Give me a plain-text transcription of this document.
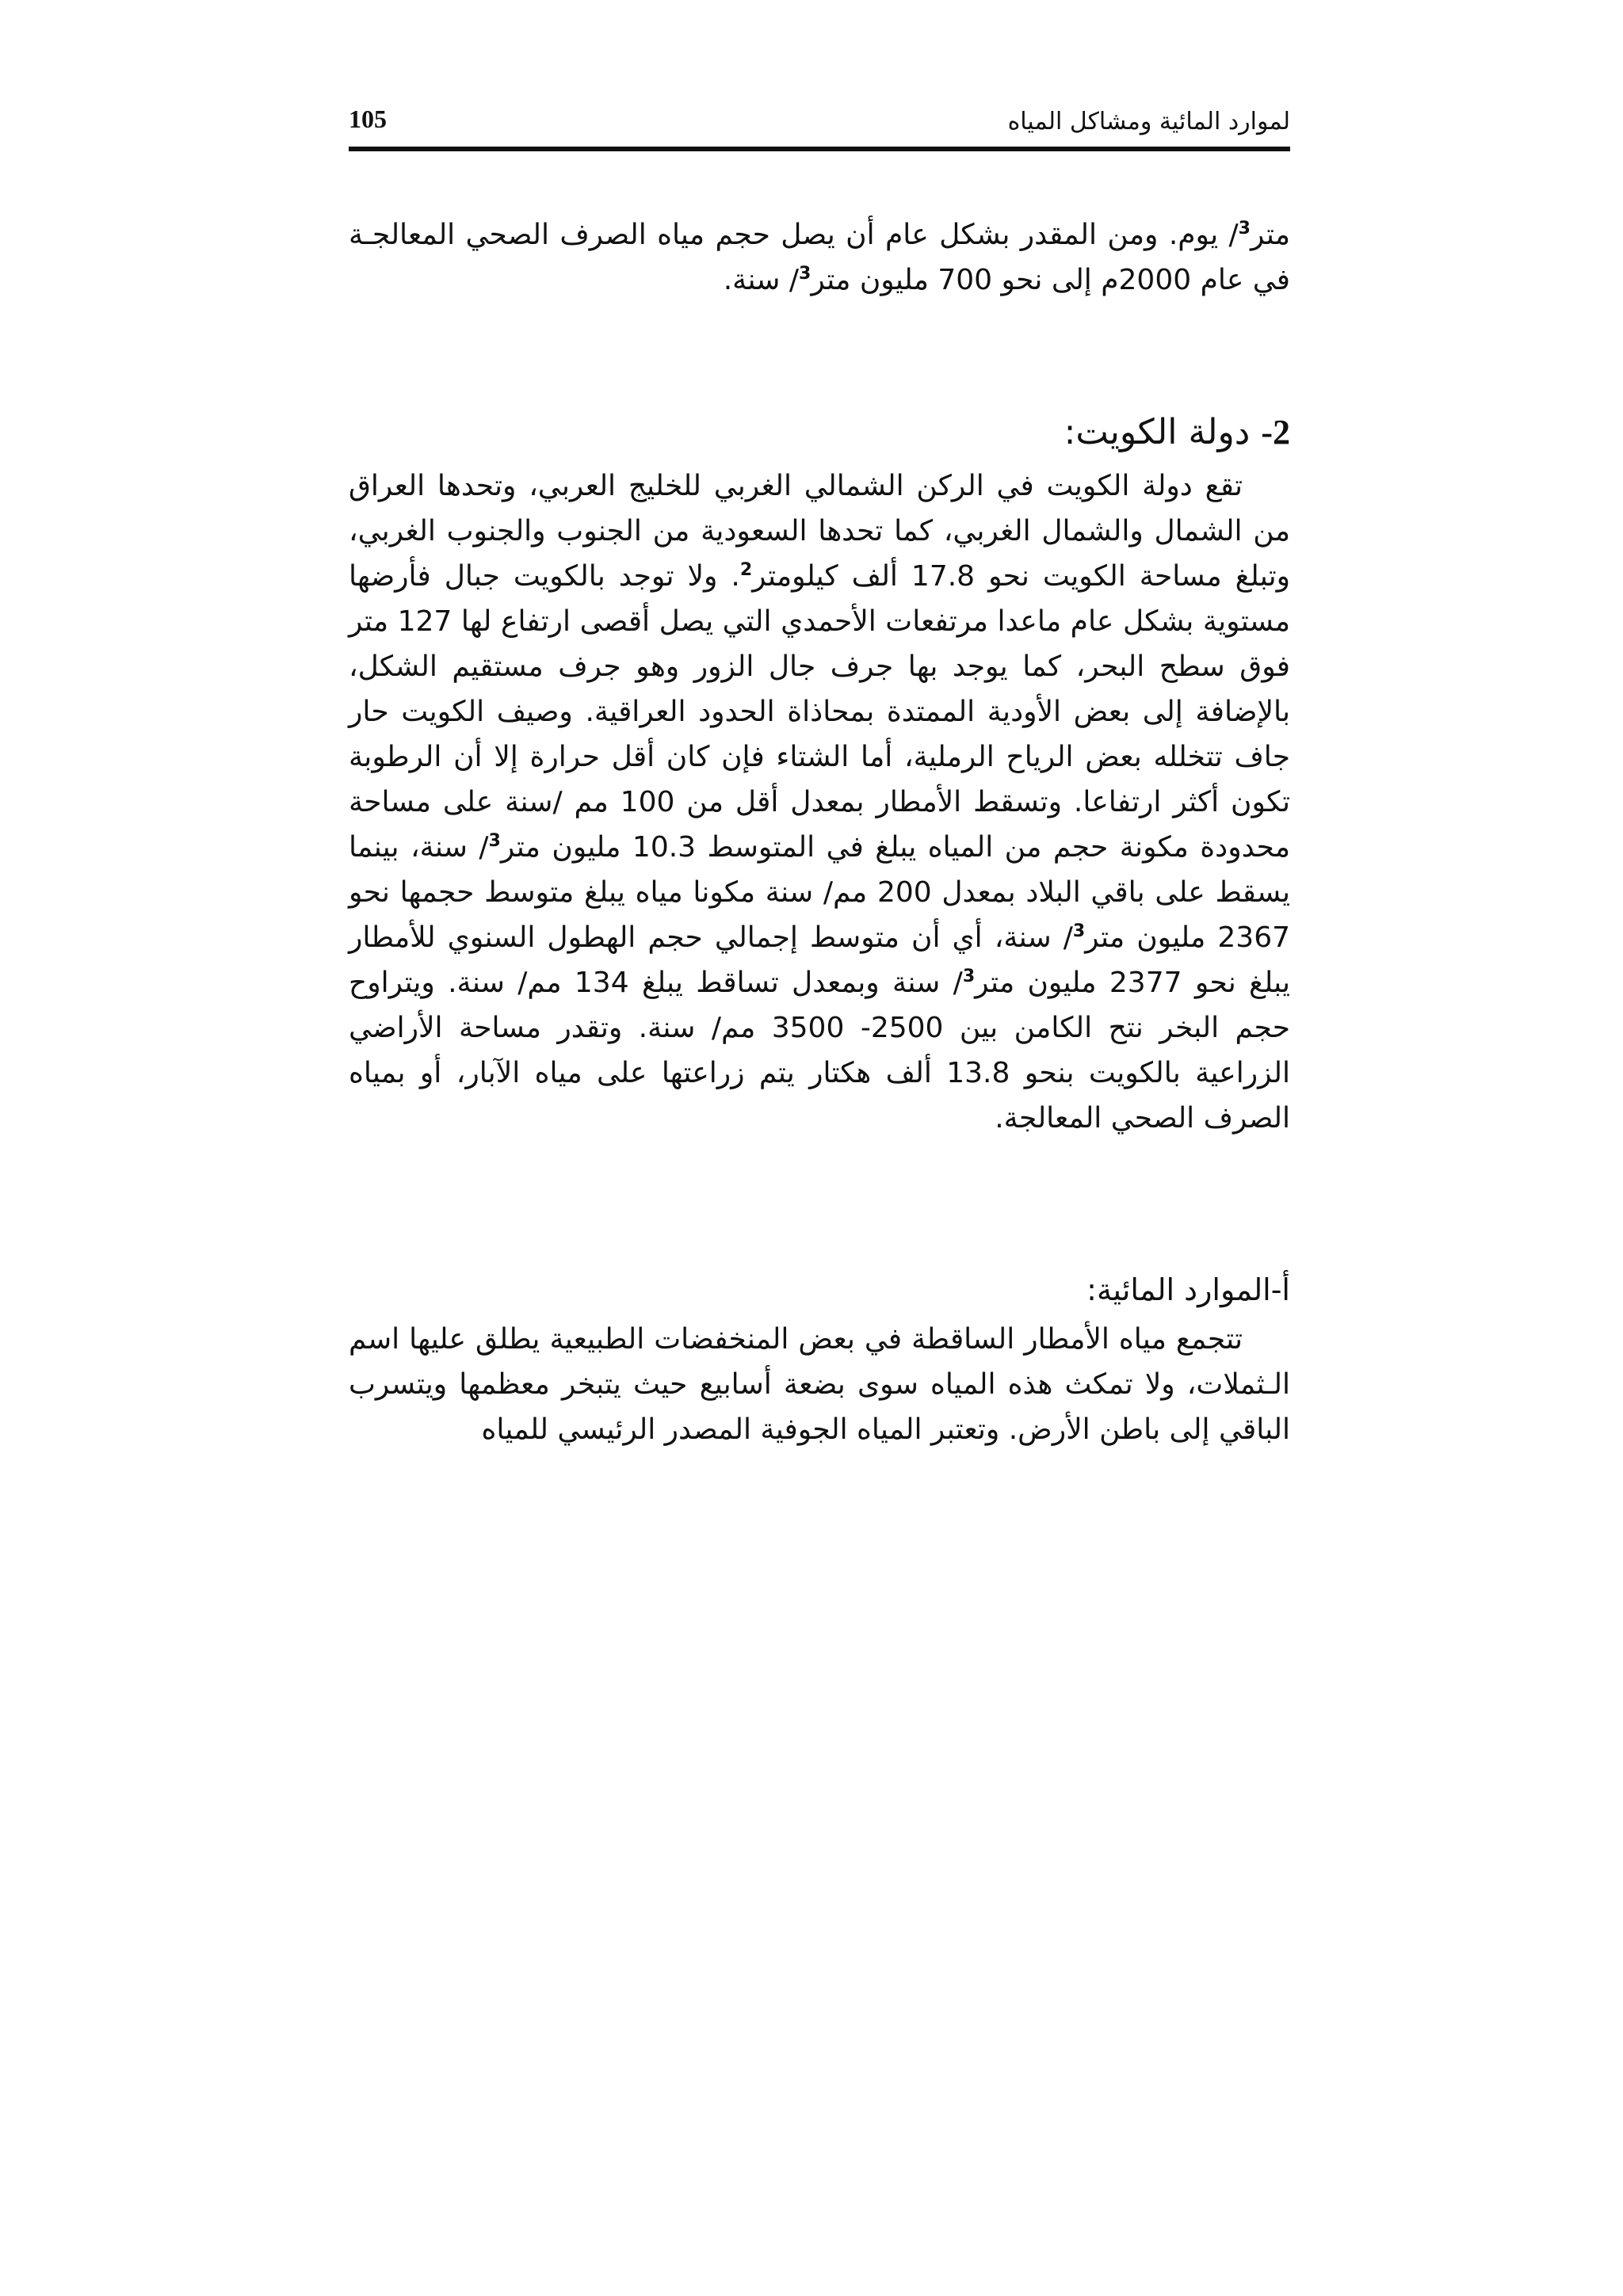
لموارد المائية ومشاكل المياه
105

متر$^3$/ يوم. ومن المقدر بشكل عام أن يصل حجم مياه الصرف الصحي المعالجـة في عام 2000م إلى نحو 700 مليون متر$^3$/ سنة.

2- دولة الكويت:

تقع دولة الكويت في الركن الشمالي الغربي للخليج العربي، وتحدها العراق من الشمال والشمال الغربي، كما تحدها السعودية من الجنوب والجنوب الغربي، وتبلغ مساحة الكويت نحو 17.8 ألف كيلومتر$^2$. ولا توجد بالكويت جبال فأرضها مستوية بشكل عام ماعدا مرتفعات الأحمدي التي يصل أقصى ارتفاع لها 127 متر فوق سطح البحر، كما يوجد بها جرف جال الزور وهو جرف مستقيم الشكل، بالإضافة إلى بعض الأودية الممتدة بمحاذاة الحدود العراقية. وصيف الكويت حار جاف تتخلله بعض الرياح الرملية، أما الشتاء فإن كان أقل حرارة إلا أن الرطوبة تكون أكثر ارتفاعا. وتسقط الأمطار بمعدل أقل من 100 مم /سنة على مساحة محدودة مكونة حجم من المياه يبلغ في المتوسط 10.3 مليون متر$^3$/ سنة، بينما يسقط على باقي البلاد بمعدل 200 مم/ سنة مكونا مياه يبلغ متوسط حجمها نحو 2367 مليون متر$^3$/ سنة، أي أن متوسط إجمالي حجم الهطول السنوي للأمطار يبلغ نحو 2377 مليون متر$^3$/ سنة وبمعدل تساقط يبلغ 134 مم/ سنة. ويتراوح حجم البخر نتح الكامن بين 2500- 3500 مم/ سنة. وتقدر مساحة الأراضي الزراعية بالكويت بنحو 13.8 ألف هكتار يتم زراعتها على مياه الآبار، أو بمياه الصرف الصحي المعالجة.

أ-الموارد المائية:

تتجمع مياه الأمطار الساقطة في بعض المنخفضات الطبيعية يطلق عليها اسم الـثملات، ولا تمكث هذه المياه سوى بضعة أسابيع حيث يتبخر معظمها ويتسرب الباقي إلى باطن الأرض. وتعتبر المياه الجوفية المصدر الرئيسي للمياه
